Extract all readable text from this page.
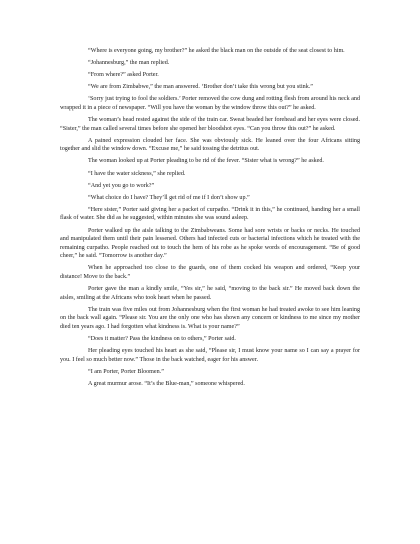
“Where is everyone going, my brother?” he asked the black man on the outside of the seat closest to him.

“Johannesburg,” the man replied.

“From where?” asked Porter.

“We are from Zimbabwe,” the man answered. ‘Brother don’t take this wrong but you stink.”

‘Sorry just trying to fool the soldiers.’ Porter removed the cow dung and rotting flesh from around his neck and wrapped it in a piece of newspaper. “Will you have the woman by the window throw this out?” he asked.

The woman’s head rested against the side of the train car. Sweat beaded her forehead and her eyes were closed. “Sister,” the man called several times before she opened her bloodshot eyes. “Can you throw this out?” he asked.

A pained expression clouded her face. She was obviously sick. He leaned over the four Africans sitting together and slid the window down. “Excuse me,” he said tossing the detritus out.

The woman looked up at Porter pleading to be rid of the fever. “Sister what is wrong?” he asked.

“I have the water sickness,” she replied.

“And yet you go to work?”

“What choice do I have? They’ll get rid of me if I don’t show up.”

“Here sister,” Porter said giving her a packet of curpatho. “Drink it in this,” he continued, handing her a small flask of water. She did as he suggested, within minutes she was sound asleep.

Porter walked up the aisle talking to the Zimbabweans. Some had sore wrists or backs or necks. He touched and manipulated them until their pain lessened. Others had infected cuts or bacterial infections which he treated with the remaining curpatho. People reached out to touch the hem of his robe as he spoke words of encouragement. “Be of good cheer,” he said. “Tomorrow is another day.”

When he approached too close to the guards, one of them cocked his weapon and ordered, “Keep your distance! Move to the back.”

Porter gave the man a kindly smile, “Yes sir,” he said, “moving to the back sir.” He moved back down the aisles, smiling at the Africans who took heart when he passed.

The train was five miles out from Johannesburg when the first woman he had treated awoke to see him leaning on the back wall again. “Please sir. You are the only one who has shown any concern or kindness to me since my mother died ten years ago. I had forgotten what kindness is. What is your name?”

“Does it matter? Pass the kindness on to others,” Porter said.

Her pleading eyes touched his heart as she said, “Please sir, I must know your name so I can say a prayer for you. I feel so much better now.” Those in the back watched, eager for his answer.

“I am Porter, Porter Bloomen.”

A great murmur arose. “It’s the Blue-man,” someone whispered.
